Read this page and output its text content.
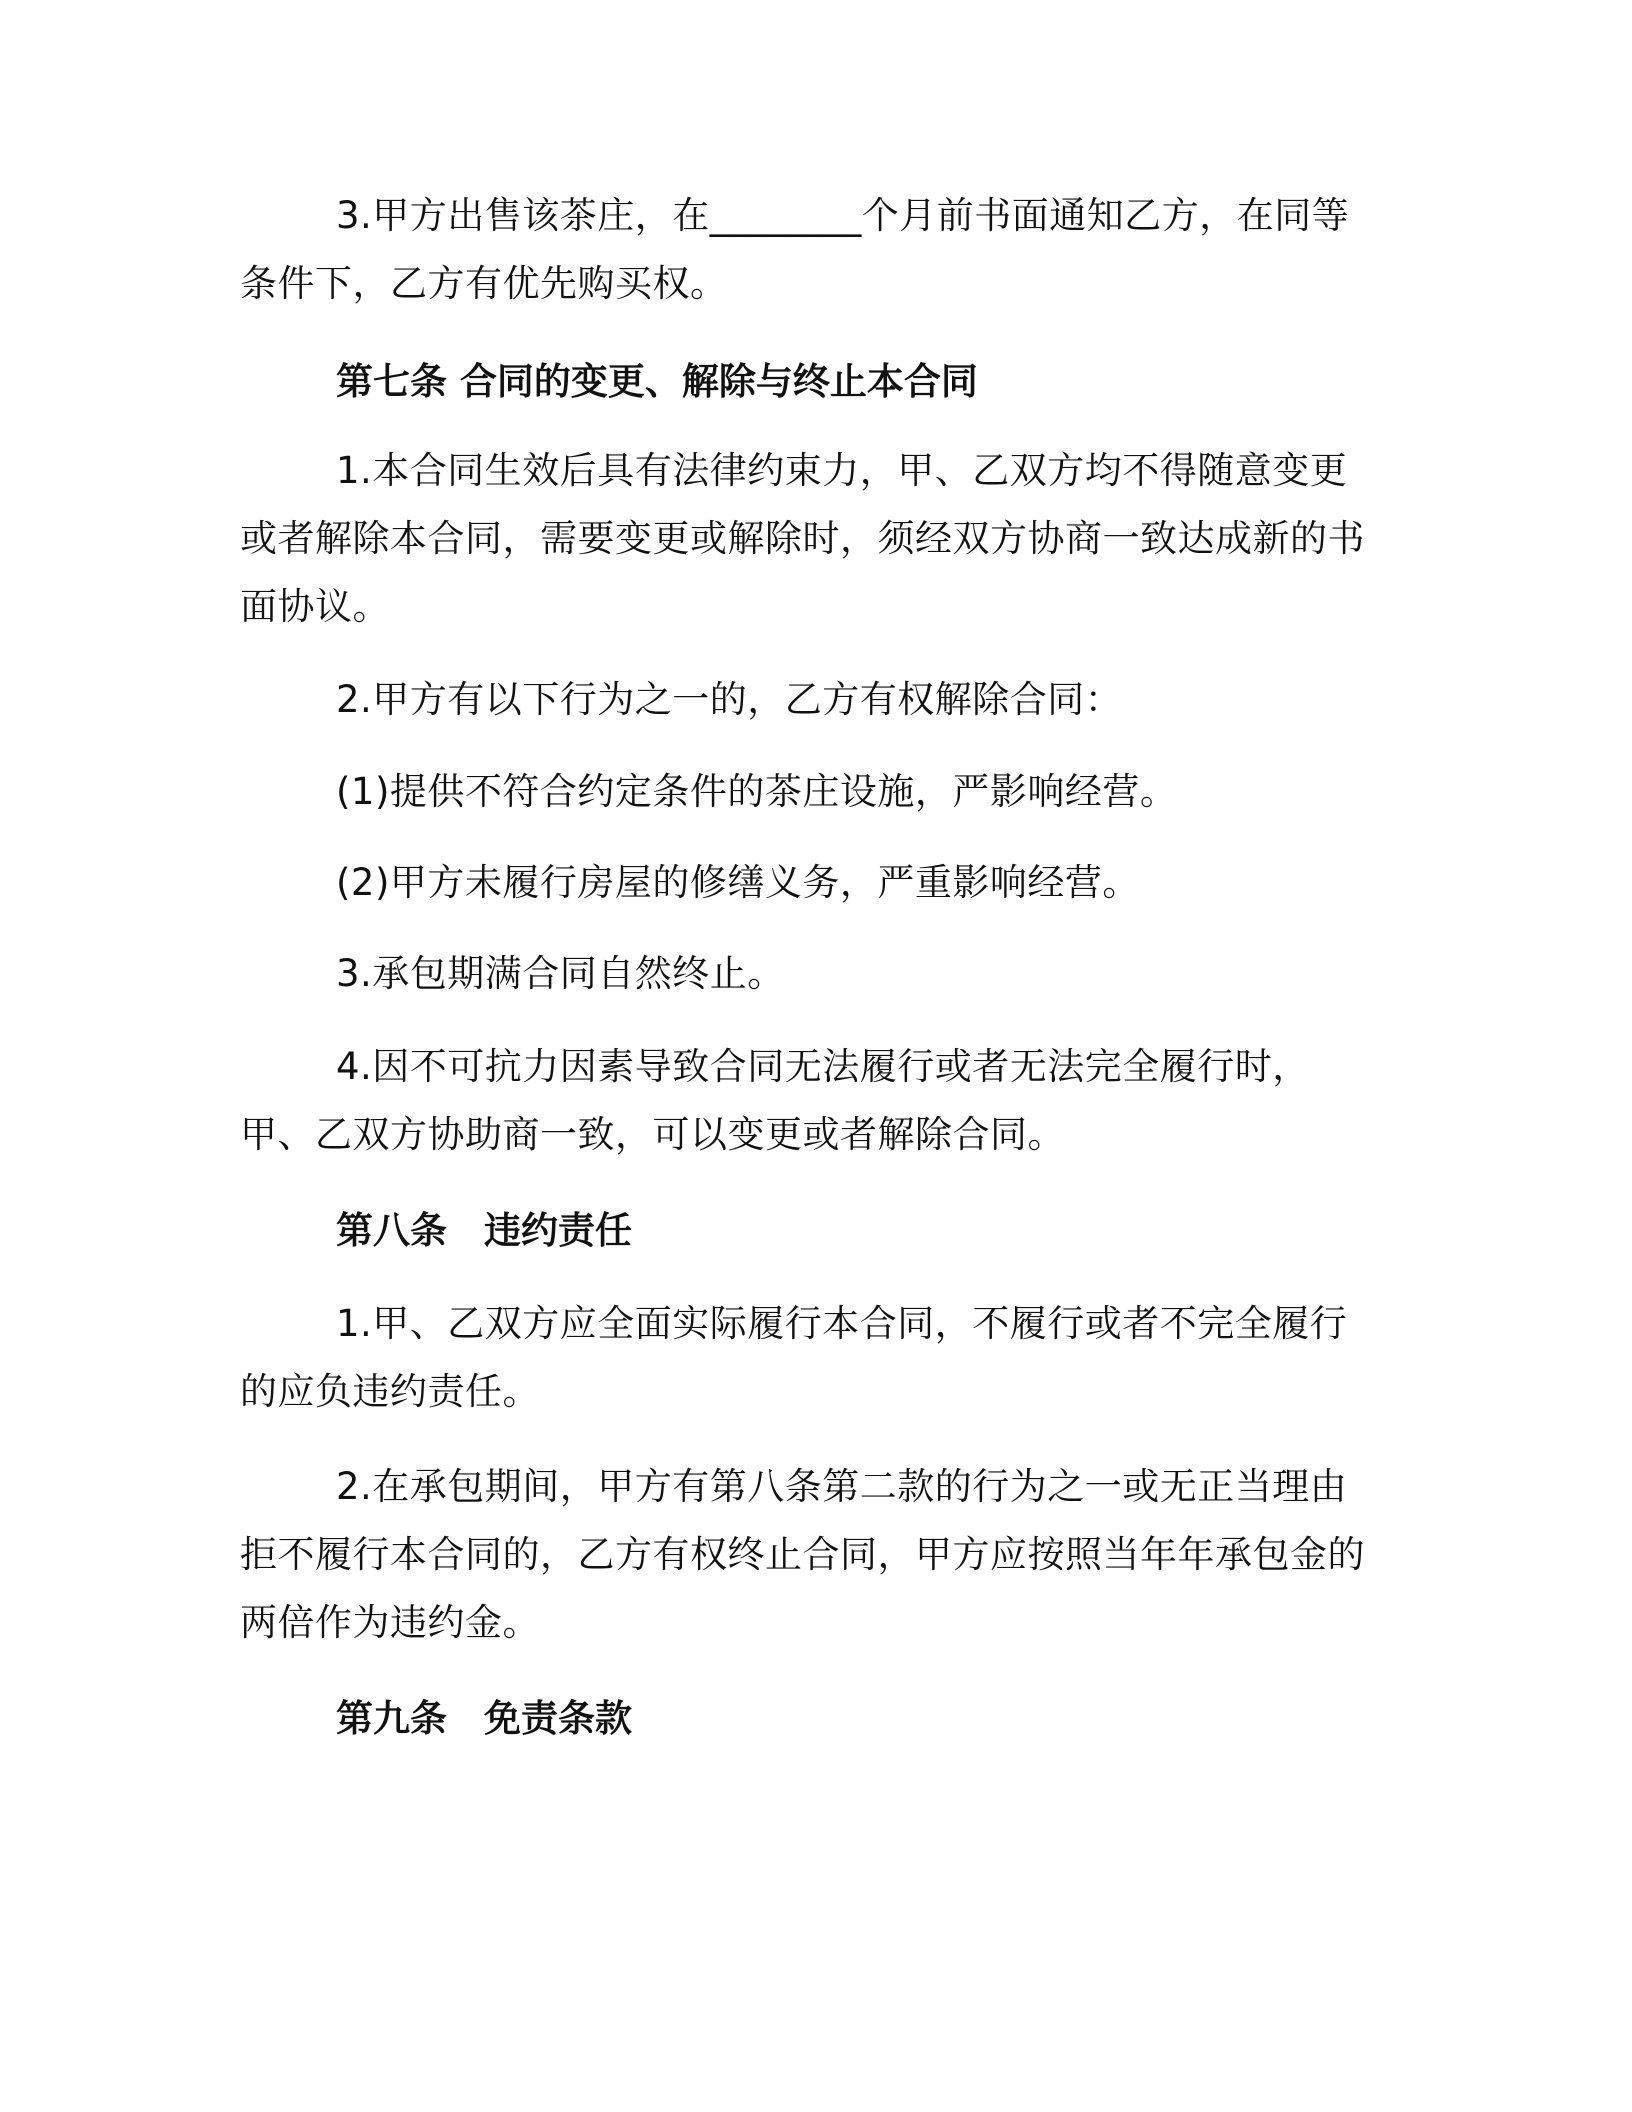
3.甲方出售该茶庄，在________个月前书面通知乙方，在同等条件下，乙方有优先购买权。

第七条 合同的变更、解除与终止本合同

1.本合同生效后具有法律约束力，甲、乙双方均不得随意变更或者解除本合同，需要变更或解除时，须经双方协商一致达成新的书面协议。

2.甲方有以下行为之一的，乙方有权解除合同：

(1)提供不符合约定条件的茶庄设施，严影响经营。

(2)甲方未履行房屋的修缮义务，严重影响经营。

3.承包期满合同自然终止。

4.因不可抗力因素导致合同无法履行或者无法完全履行时，甲、乙双方协助商一致，可以变更或者解除合同。

第八条　违约责任

1.甲、乙双方应全面实际履行本合同，不履行或者不完全履行的应负违约责任。

2.在承包期间，甲方有第八条第二款的行为之一或无正当理由拒不履行本合同的，乙方有权终止合同，甲方应按照当年年承包金的两倍作为违约金。

第九条　免责条款
